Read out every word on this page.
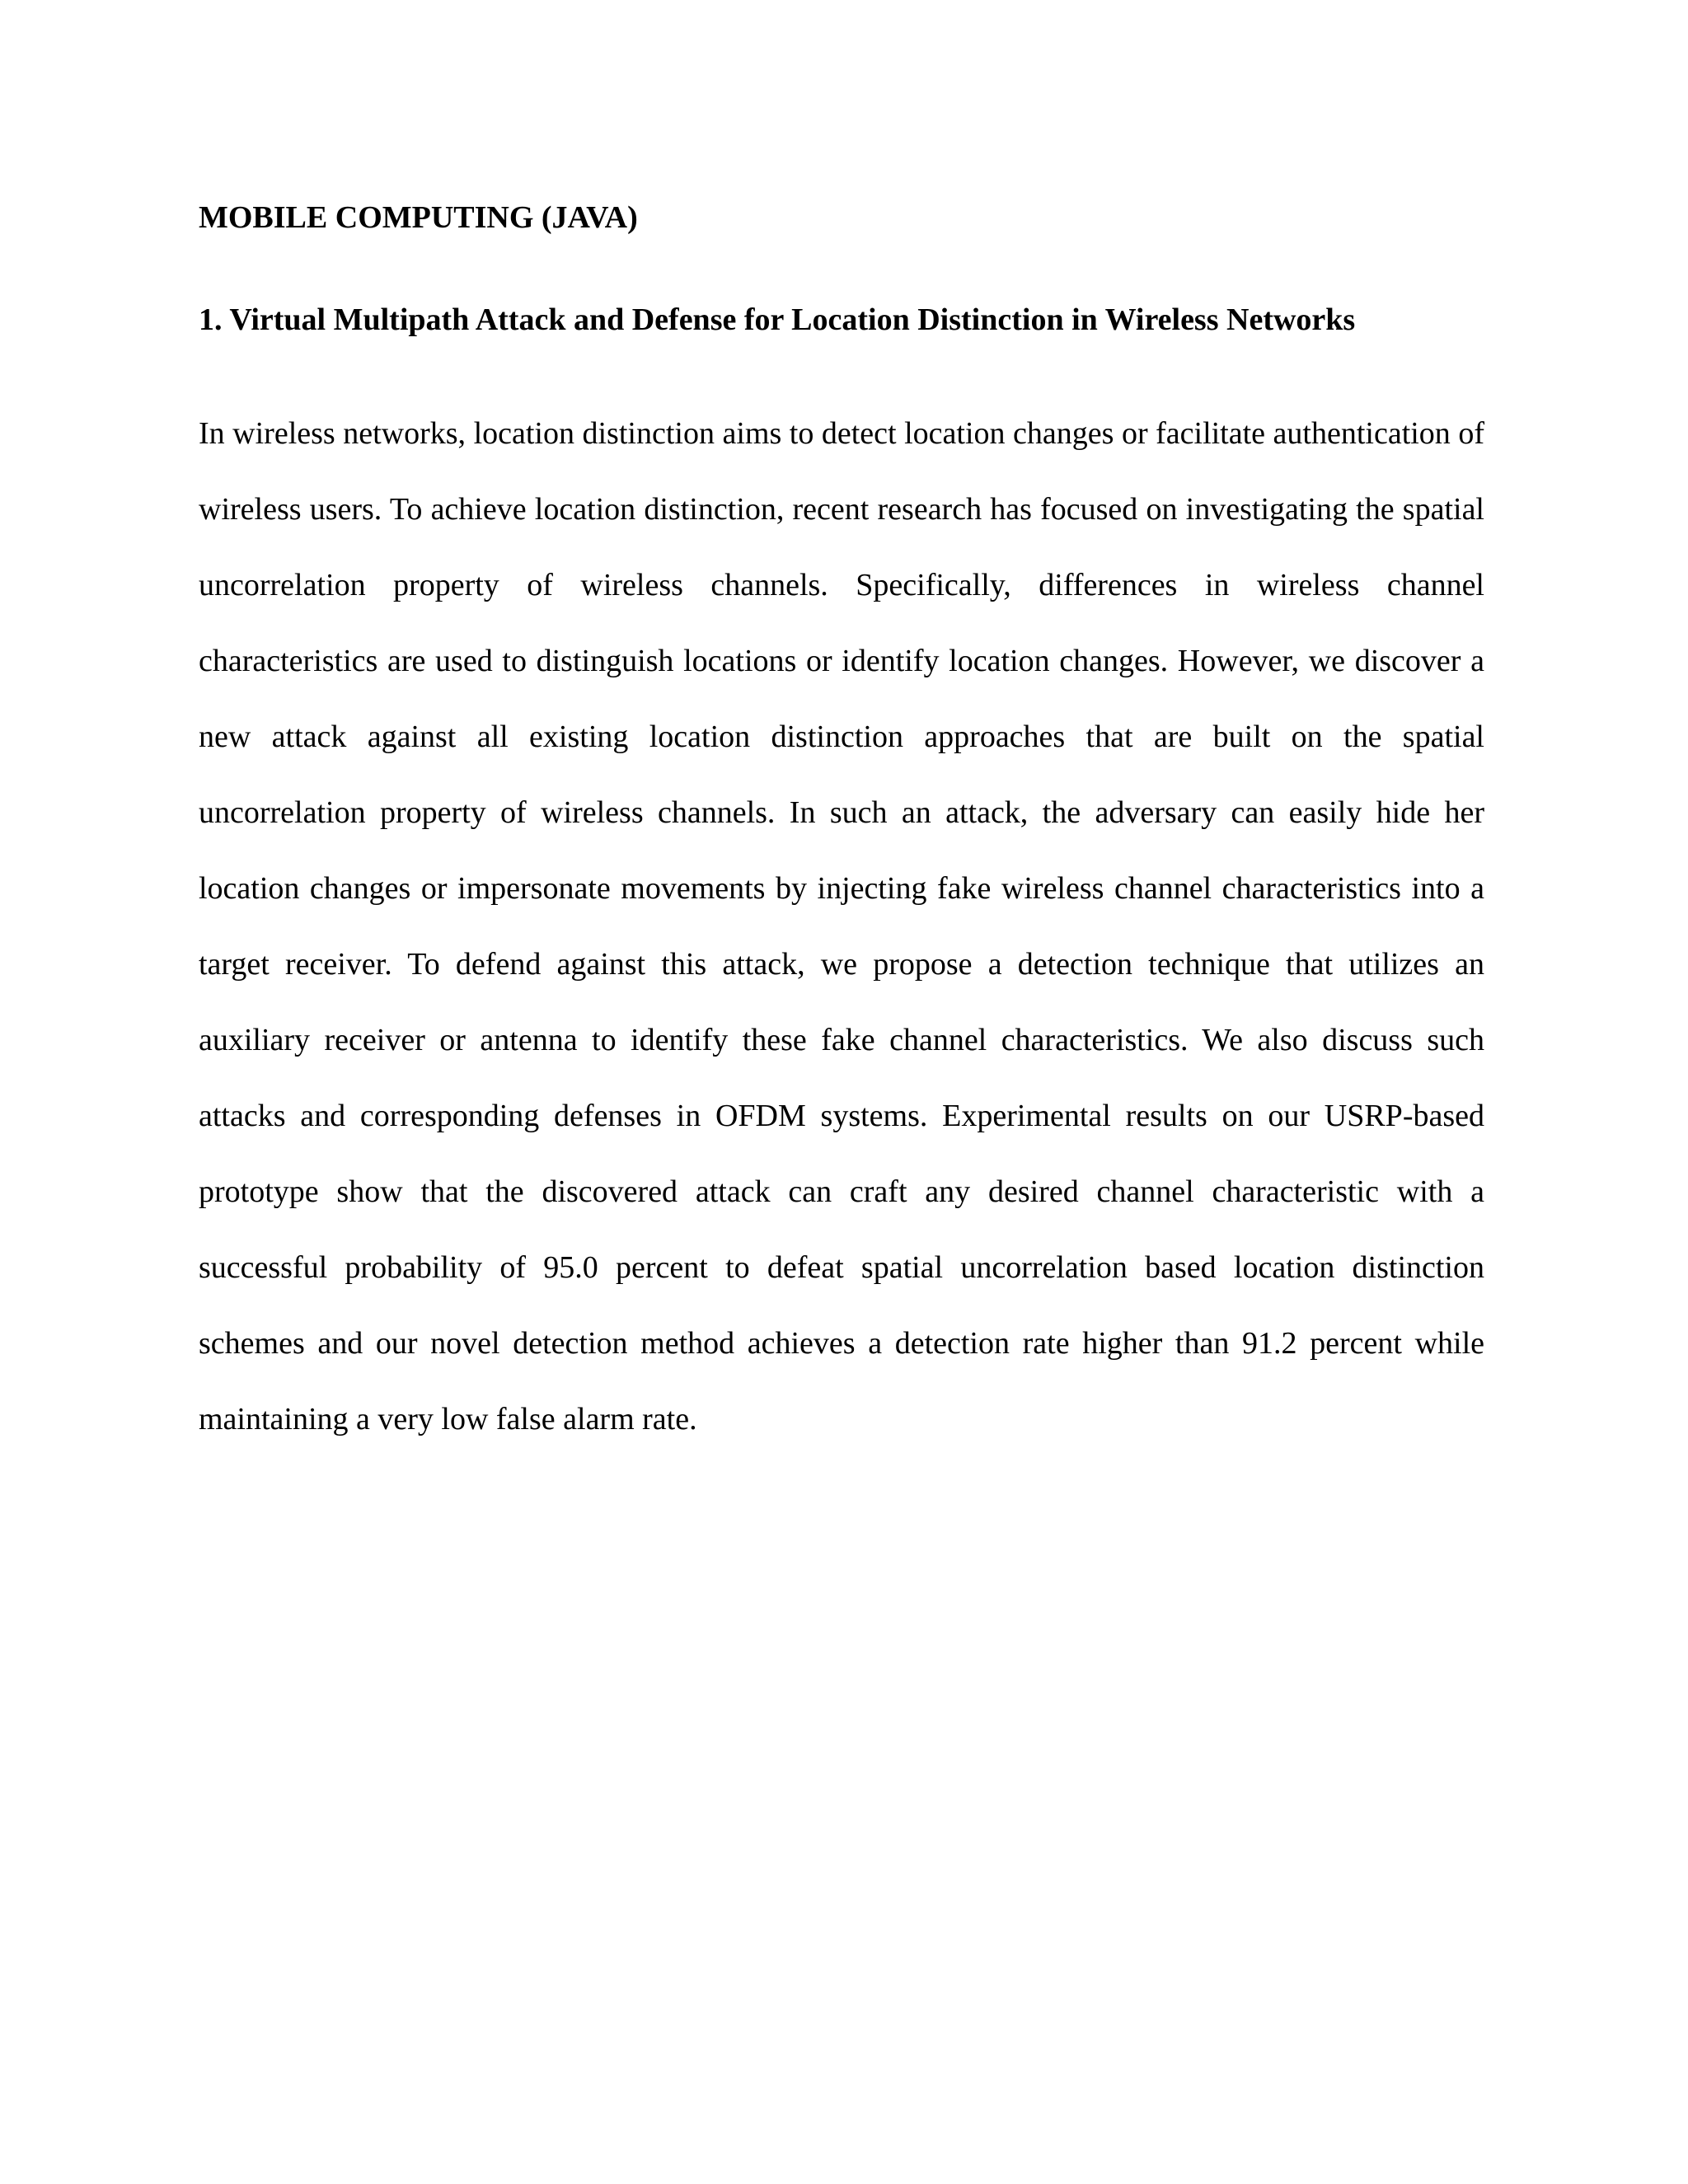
MOBILE COMPUTING (JAVA)
1. Virtual Multipath Attack and Defense for Location Distinction in Wireless Networks

In wireless networks, location distinction aims to detect location changes or facilitate authentication of wireless users. To achieve location distinction, recent research has focused on investigating the spatial uncorrelation property of wireless channels. Specifically, differences in wireless channel characteristics are used to distinguish locations or identify location changes. However, we discover a new attack against all existing location distinction approaches that are built on the spatial uncorrelation property of wireless channels. In such an attack, the adversary can easily hide her location changes or impersonate movements by injecting fake wireless channel characteristics into a target receiver. To defend against this attack, we propose a detection technique that utilizes an auxiliary receiver or antenna to identify these fake channel characteristics. We also discuss such attacks and corresponding defenses in OFDM systems. Experimental results on our USRP-based prototype show that the discovered attack can craft any desired channel characteristic with a successful probability of 95.0 percent to defeat spatial uncorrelation based location distinction schemes and our novel detection method achieves a detection rate higher than 91.2 percent while maintaining a very low false alarm rate.
